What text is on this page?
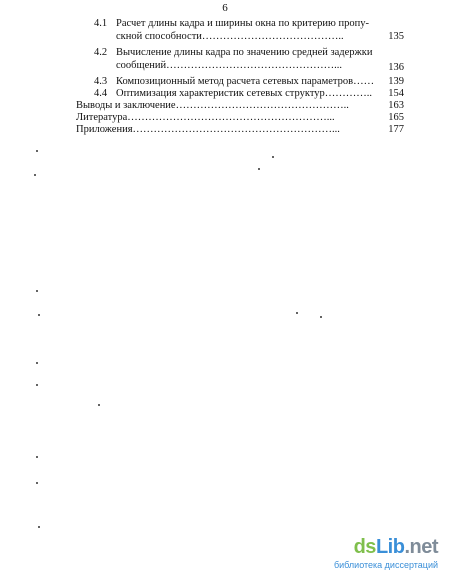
6
4.1 Расчет длины кадра и ширины окна по критерию пропу-
скной способности…………………………………..	135
4.2 Вычисление длины кадра по значению средней задержки
сообщений…………………………………………...	136
4.3 Композиционный метод расчета сетевых параметров…… 139
4.4 Оптимизация характеристик сетевых структур…………..	154
Выводы и заключение…………………………………………..	163
Литература…………………………………………………...	165
Приложения…………………………………………………...	177
dsLib.net
библиотека диссертаций
